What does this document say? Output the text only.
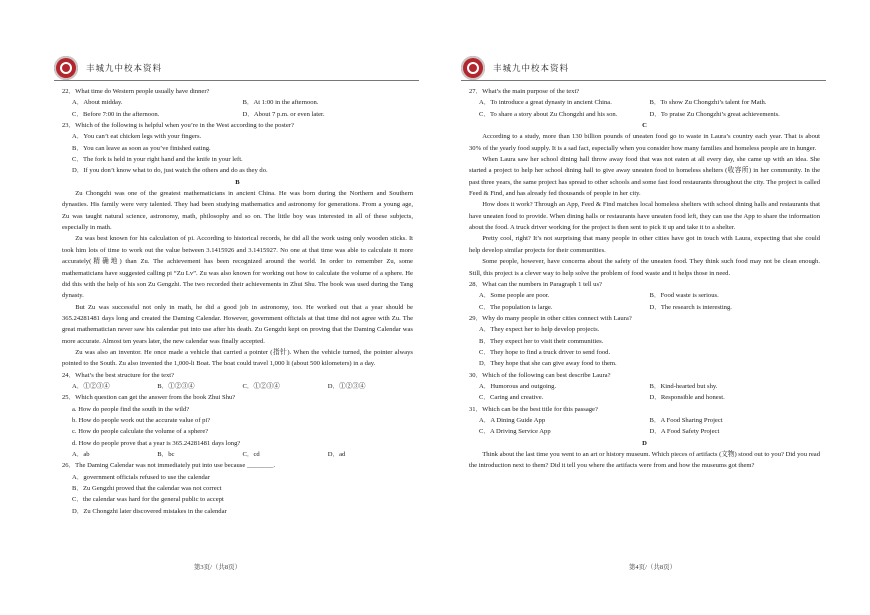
丰城九中校本资料

22．What time do Western people usually have dinner?

A．About midday.	B．At 1:00 in the afternoon.
C．Before 7:00 in the afternoon.	D．About 7 p.m. or even later.

23．Which of the following is helpful when you’re in the West according to the poster?

A．You can’t eat chicken legs with your fingers.
B．You can leave as soon as you’ve finished eating.
C．The fork is held in your right hand and the knife in your left.
D．If you don’t know what to do, just watch the others and do as they do.

B

Zu Chongzhi was one of the greatest mathematicians in ancient China. He was born during the Northern and Southern dynasties. His family were very talented. They had been studying mathematics and astronomy for generations. From a young age, Zu was taught natural science, astronomy, math, philosophy and so on. The little boy was interested in all of these subjects, especially in math.

Zu was best known for his calculation of pi. According to historical records, he did all the work using only wooden sticks. It took him lots of time to work out the value between 3.1415926 and 3.1415927. No one at that time was able to calculate it more accurately(精确地) than Zu. The achievement has been recognized around the world. In order to remember Zu, some mathematicians have suggested calling pi “Zu Lv”. Zu was also known for working out how to calculate the volume of a sphere. He did this with the help of his son Zu Gengzhi. The two recorded their achievements in Zhui Shu. The book was used during the Tang dynasty.

But Zu was successful not only in math, he did a good job in astronomy, too. He worked out that a year should be 365.24281481 days long and created the Daming Calendar. However, government officials at that time did not agree with Zu. The great mathematician never saw his calendar put into use after his death. Zu Gengzhi kept on proving that the Daming Calendar was more accurate. Almost ten years later, the new calendar was finally accepted.

Zu was also an inventor. He once made a vehicle that carried a pointer (指针). When the vehicle turned, the pointer always pointed to the South. Zu also invented the 1,000-li Boat. The boat could travel 1,000 li (about 500 kilometers) in a day.

24．What’s the best structure for the text?

A．①②③④	B．①②③④	C．①②③④	D．①②③④

25．Which question can get the answer from the book Zhui Shu?

a. How do people find the south in the wild?
b. How do people work out the accurate value of pi?
c. How do people calculate the volume of a sphere?
d. How do people prove that a year is 365.24281481 days long?
A．ab	B．bc	C．cd	D．ad

26．The Daming Calendar was not immediately put into use because ________.

A．government officials refused to use the calendar
B．Zu Gengzhi proved that the calendar was not correct
C．the calendar was hard for the general public to accept
D．Zu Chongzhi later discovered mistakes in the calendar
第3页/（共8页）
丰城九中校本资料

27．What’s the main purpose of the text?

A．To introduce a great dynasty in ancient China.	B．To show Zu Chongzhi’s talent for Math.
C．To share a story about Zu Chongzhi and his son.	D．To praise Zu Chongzhi’s great achievements.

C

According to a study, more than 130 billion pounds of uneaten food go to waste in Laura’s country each year. That is about 30% of the yearly food supply. It is a sad fact, especially when you consider how many families and homeless people are in hunger.

When Laura saw her school dining hall throw away food that was not eaten at all every day, she came up with an idea. She started a project to help her school dining hall to give away uneaten food to homeless shelters (收容所) in her community. In the past three years, the same project has spread to other schools and some fast food restaurants throughout the city. The project is called Feed & Find, and has already fed thousands of people in her city.

How does it work? Through an App, Feed & Find matches local homeless shelters with school dining halls and restaurants that have uneaten food to provide. When dining halls or restaurants have uneaten food left, they can use the App to share the information about the food. A truck driver working for the project is then sent to pick it up and take it to a shelter.

Pretty cool, right? It’s not surprising that many people in other cities have got in touch with Laura, expecting that she could help develop similar projects for their communities.

Some people, however, have concerns about the safety of the uneaten food. They think such food may not be clean enough. Still, this project is a clever way to help solve the problem of food waste and it helps those in need.

28．What can the numbers in Paragraph 1 tell us?

A．Some people are poor.	B．Food waste is serious.
C．The population is large.	D．The research is interesting.

29．Why do many people in other cities connect with Laura?

A．They expect her to help develop projects.
B．They expect her to visit their communities.
C．They hope to find a truck driver to send food.
D．They hope that she can give away food to them.

30．Which of the following can best describe Laura?

A．Humorous and outgoing.	B．Kind-hearted but shy.
C．Caring and creative.	D．Responsible and honest.

31．Which can be the best title for this passage?

A．A Dining Guide App	B．A Food Sharing Project
C．A Driving Service App	D．A Food Safety Project

D

Think about the last time you went to an art or history museum. Which pieces of artifacts (文物) stood out to you? Did you read the introduction next to them? Did it tell you where the artifacts were from and how the museums got them?

第4页/（共8页）
